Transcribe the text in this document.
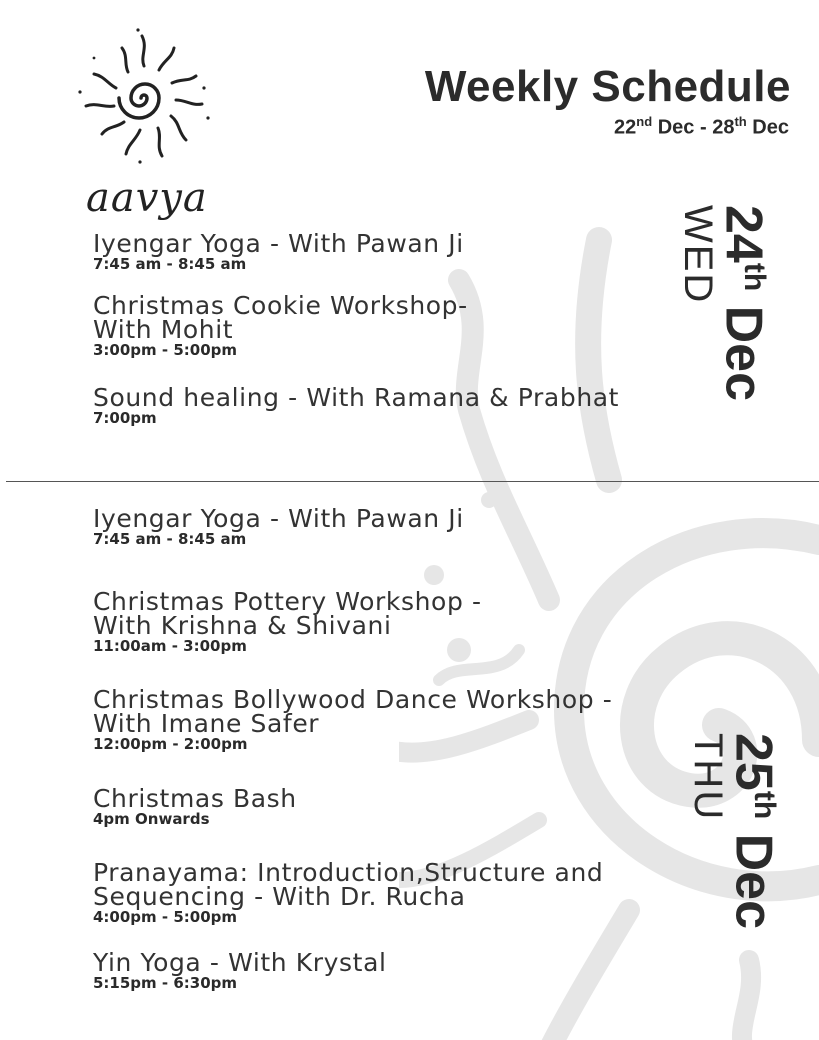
aavya
Weekly Schedule
22nd Dec - 28th Dec
Iyengar Yoga - With Pawan Ji
7:45 am - 8:45 am
Christmas Cookie Workshop-
With Mohit
3:00pm - 5:00pm
Sound healing - With Ramana & Prabhat
7:00pm
24th Dec
WED
Iyengar Yoga - With Pawan Ji
7:45 am - 8:45 am
Christmas Pottery Workshop -
With Krishna & Shivani
11:00am - 3:00pm
Christmas Bollywood Dance Workshop -
With Imane Safer
12:00pm - 2:00pm
Christmas Bash
4pm Onwards
Pranayama: Introduction,Structure and
Sequencing - With Dr. Rucha
4:00pm - 5:00pm
Yin Yoga - With Krystal
5:15pm - 6:30pm
25th Dec
THU
